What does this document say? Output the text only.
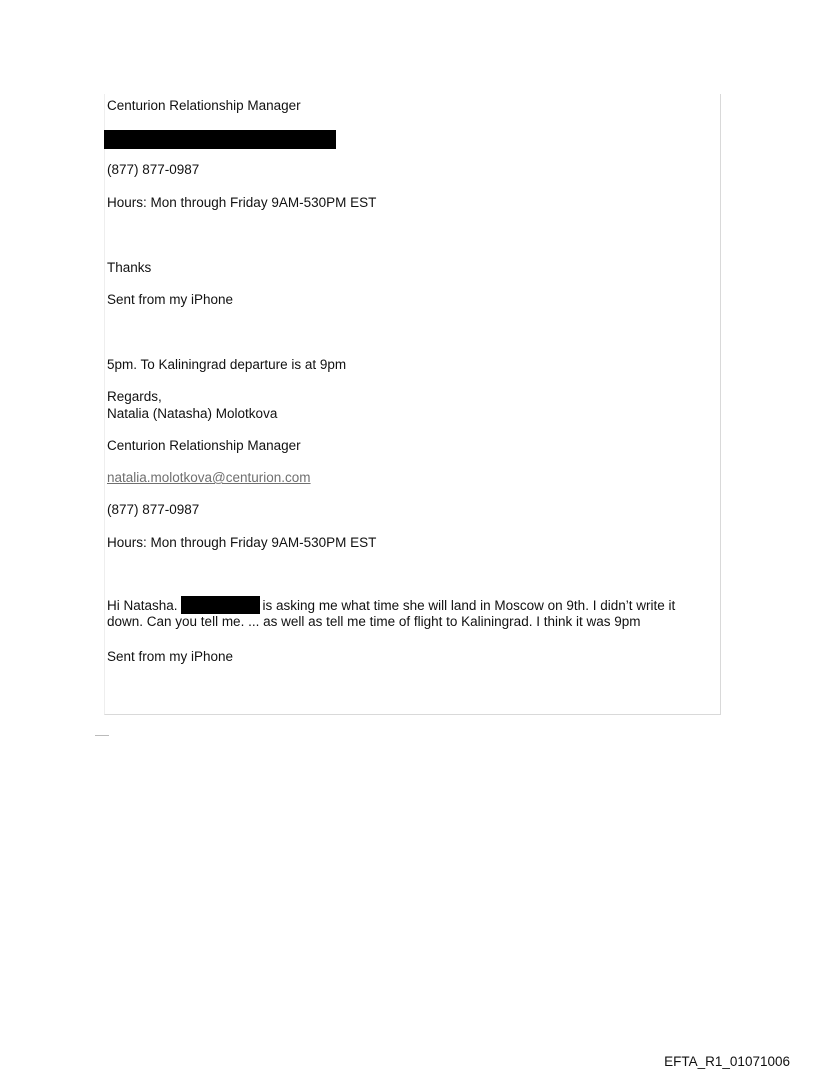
Centurion Relationship Manager
(877) 877-0987
Hours: Mon through Friday 9AM-530PM EST
Thanks
Sent from my iPhone
5pm. To Kaliningrad departure is at 9pm
Regards,
Natalia (Natasha) Molotkova
Centurion Relationship Manager
natalia.molotkova@centurion.com
(877) 877-0987
Hours: Mon through Friday 9AM-530PM EST
Hi Natasha.	is asking me what time she will land in Moscow on 9th. I didn’t write it down. Can you tell me. ... as well as tell me time of flight to Kaliningrad. I think it was 9pm
Sent from my iPhone
EFTA_R1_01071006
